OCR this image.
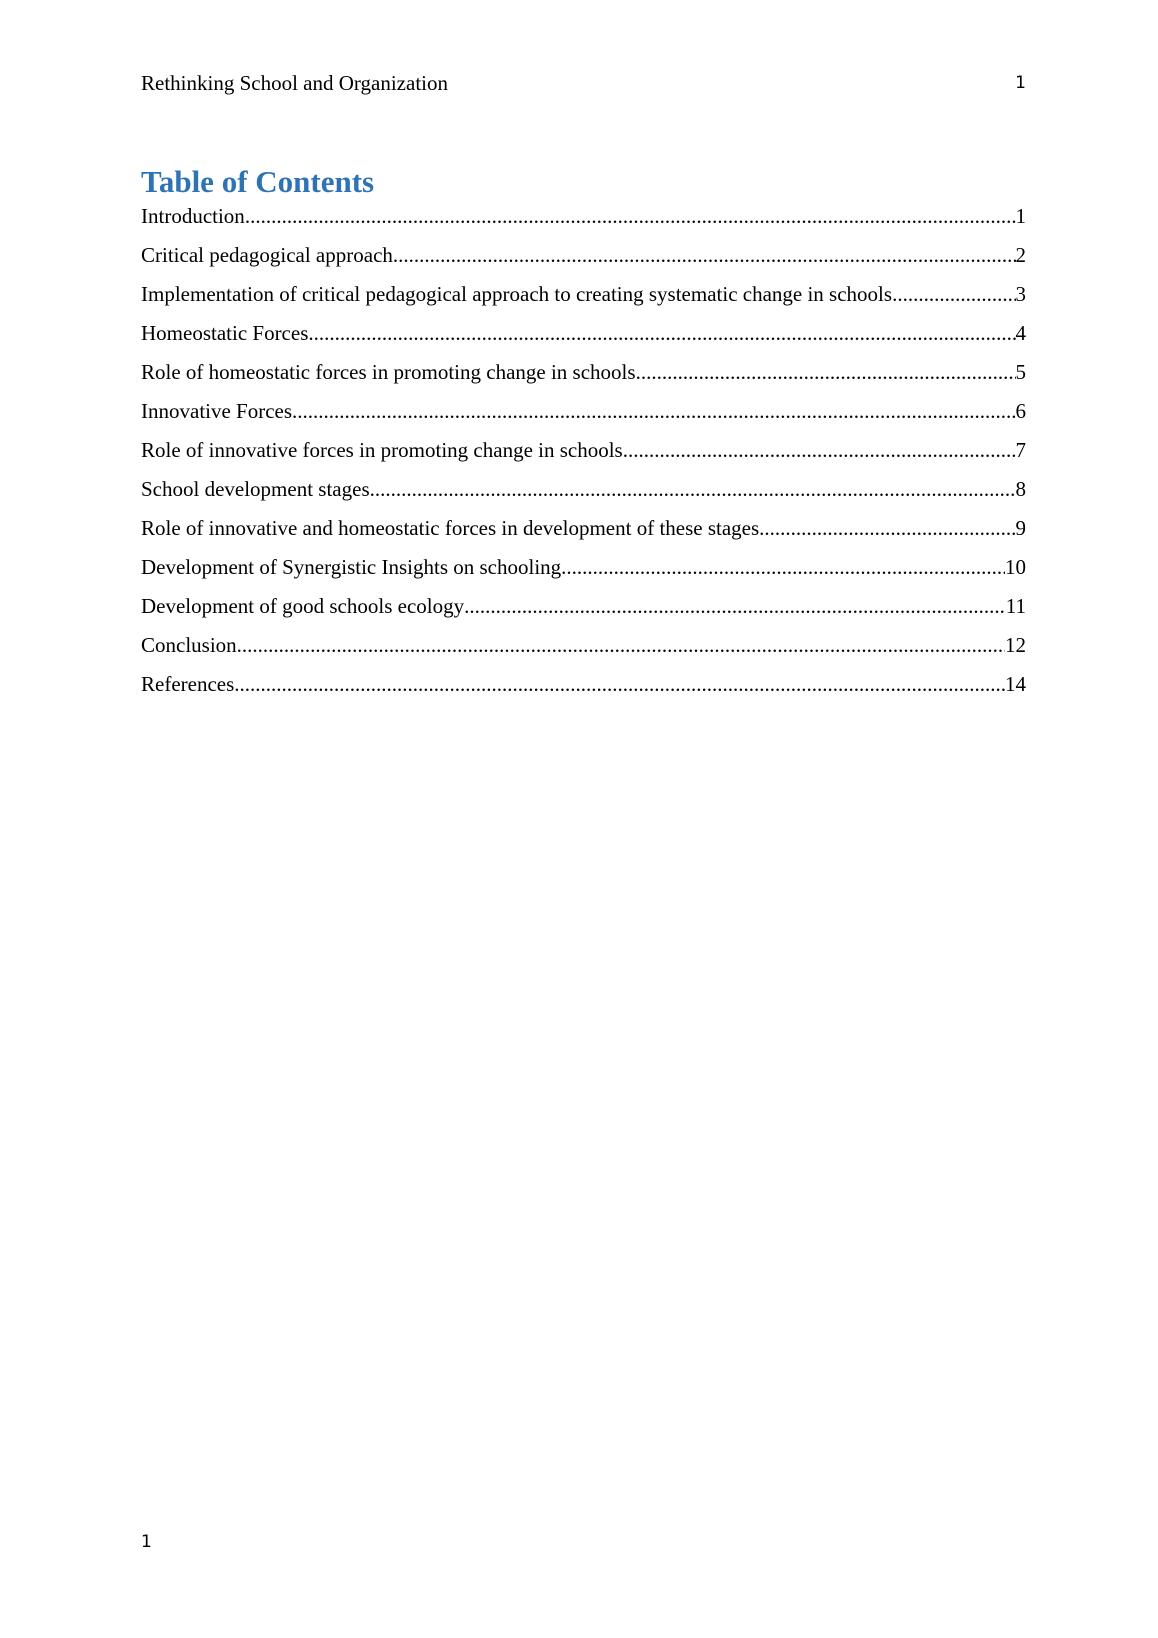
Rethinking School and Organization	1
Table of Contents
Introduction .....	1
Critical pedagogical approach .....	2
Implementation of critical pedagogical approach to creating systematic change in schools .....	3
Homeostatic Forces .....	4
Role of homeostatic forces in promoting change in schools .....	5
Innovative Forces .....	6
Role of innovative forces in promoting change in schools .....	7
School development stages .....	8
Role of innovative and homeostatic forces in development of these stages .....	9
Development of Synergistic Insights on schooling .....	10
Development of good schools ecology .....	11
Conclusion .....	12
References .....	14
1
